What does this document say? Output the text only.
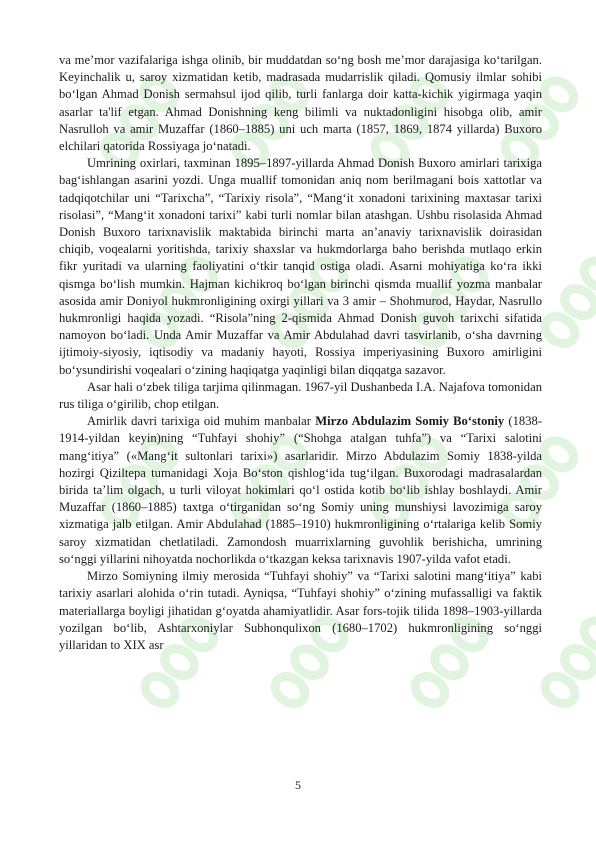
va me’mor vazifalariga ishga olinib, bir muddatdan so‘ng bosh me’mor darajasiga ko‘tarilgan. Keyinchalik u, saroy xizmatidan ketib, madrasada mudarrislik qiladi. Qomusiy ilmlar sohibi bo‘lgan Ahmad Donish sermahsul ijod qilib, turli fanlarga doir katta-kichik yigirmaga yaqin asarlar ta'lif etgan. Ahmad Donishning keng bilimli va nuktadonligini hisobga olib, amir Nasrulloh va amir Muzaffar (1860–1885) uni uch marta (1857, 1869, 1874 yillarda) Buxoro elchilari qatorida Rossiyaga jo‘natadi.

Umrining oxirlari, taxminan 1895–1897-yillarda Ahmad Donish Buxoro amirlari tarixiga bag‘ishlangan asarini yozdi. Unga muallif tomonidan aniq nom berilmagani bois xattotlar va tadqiqotchilar uni “Tarixcha”, “Tarixiy risola”, “Mang‘it xonadoni tarixining maxtasar tarixi risolasi”, “Mang‘it xonadoni tarixi” kabi turli nomlar bilan atashgan. Ushbu risolasida Ahmad Donish Buxoro tarixnavislik maktabida birinchi marta an’anaviy tarixnavislik doirasidan chiqib, voqealarni yoritishda, tarixiy shaxslar va hukmdorlarga baho berishda mutlaqo erkin fikr yuritadi va ularning faoliyatini o‘tkir tanqid ostiga oladi. Asarni mohiyatiga ko‘ra ikki qismga bo‘lish mumkin. Hajman kichikroq bo‘lgan birinchi qismda muallif yozma manbalar asosida amir Doniyol hukmronligining oxirgi yillari va 3 amir – Shohmurod, Haydar, Nasrullo hukmronligi haqida yozadi. “Risola”ning 2-qismida Ahmad Donish guvoh tarixchi sifatida namoyon bo‘ladi. Unda Amir Muzaffar va Amir Abdulahad davri tasvirlanib, o‘sha davrning ijtimoiy-siyosiy, iqtisodiy va madaniy hayoti, Rossiya imperiyasining Buxoro amirligini bo‘ysundirishi voqealari o‘zining haqiqatga yaqinligi bilan diqqatga sazavor.

Asar hali o‘zbek tiliga tarjima qilinmagan. 1967-yil Dushanbeda I.A. Najafova tomonidan rus tiliga o‘girilib, chop etilgan.

Amirlik davri tarixiga oid muhim manbalar Mirzo Abdulazim Somiy Bo‘stoniy (1838-1914-yildan keyin)ning “Tuhfayi shohiy” (“Shohga atalgan tuhfa”) va “Tarixi salotini mang‘itiya” («Mang‘it sultonlari tarixi») asarlaridir. Mirzo Abdulazim Somiy 1838-yilda hozirgi Qiziltepa tumanidagi Xoja Bo‘ston qishlog‘ida tug‘ilgan. Buxorodagi madrasalardan birida ta’lim olgach, u turli viloyat hokimlari qo‘l ostida kotib bo‘lib ishlay boshlaydi. Amir Muzaffar (1860–1885) taxtga o‘tirganidan so‘ng Somiy uning munshiysi lavozimiga saroy xizmatiga jalb etilgan. Amir Abdulahad (1885–1910) hukmronligining o‘rtalariga kelib Somiy saroy xizmatidan chetlatiladi. Zamondosh muarrixlarning guvohlik berishicha, umrining so‘nggi yillarini nihoyatda nochorlikda o‘tkazgan keksa tarixnavis 1907-yilda vafot etadi.

Mirzo Somiyning ilmiy merosida “Tuhfayi shohiy” va “Tarixi salotini mang‘itiya” kabi tarixiy asarlari alohida o‘rin tutadi. Ayniqsa, “Tuhfayi shohiy” o‘zining mufassalligi va faktik materiallarga boyligi jihatidan g‘oyatda ahamiyatlidir. Asar fors-tojik tilida 1898–1903-yillarda yozilgan bo‘lib, Ashtarxoniylar Subhonqulixon (1680–1702) hukmronligining so‘nggi yillaridan to XIX asr

5
